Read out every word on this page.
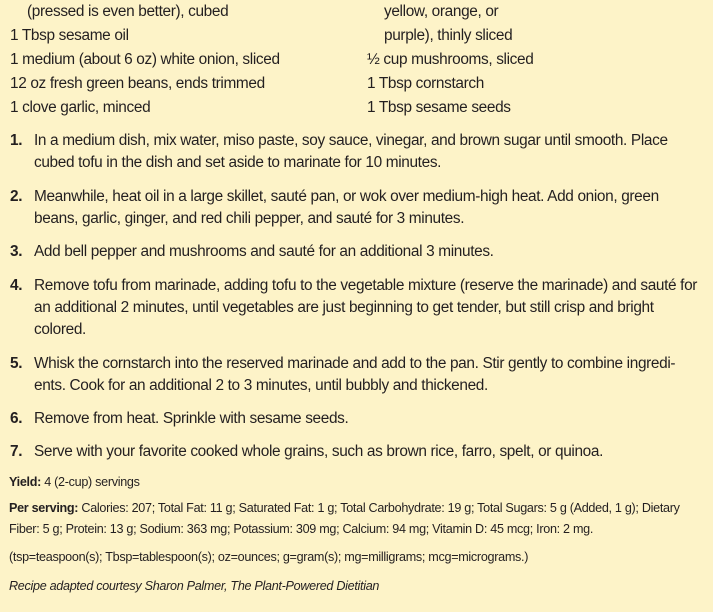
(pressed is even better), cubed
1 Tbsp sesame oil
1 medium (about 6 oz) white onion, sliced
12 oz fresh green beans, ends trimmed
1 clove garlic, minced
yellow, orange, or
purple), thinly sliced
½ cup mushrooms, sliced
1 Tbsp cornstarch
1 Tbsp sesame seeds
1. In a medium dish, mix water, miso paste, soy sauce, vinegar, and brown sugar until smooth. Place cubed tofu in the dish and set aside to marinate for 10 minutes.
2. Meanwhile, heat oil in a large skillet, sauté pan, or wok over medium-high heat. Add onion, green beans, garlic, ginger, and red chili pepper, and sauté for 3 minutes.
3. Add bell pepper and mushrooms and sauté for an additional 3 minutes.
4. Remove tofu from marinade, adding tofu to the vegetable mixture (reserve the marinade) and sauté for an additional 2 minutes, until vegetables are just beginning to get tender, but still crisp and bright colored.
5. Whisk the cornstarch into the reserved marinade and add to the pan. Stir gently to combine ingredi-ents. Cook for an additional 2 to 3 minutes, until bubbly and thickened.
6. Remove from heat. Sprinkle with sesame seeds.
7. Serve with your favorite cooked whole grains, such as brown rice, farro, spelt, or quinoa.
Yield: 4 (2-cup) servings
Per serving: Calories: 207; Total Fat: 11 g; Saturated Fat: 1 g; Total Carbohydrate: 19 g; Total Sugars: 5 g (Added, 1 g); Dietary Fiber: 5 g; Protein: 13 g; Sodium: 363 mg; Potassium: 309 mg; Calcium: 94 mg; Vitamin D: 45 mcg; Iron: 2 mg.
(tsp=teaspoon(s); Tbsp=tablespoon(s); oz=ounces; g=gram(s); mg=milligrams; mcg=micrograms.)
Recipe adapted courtesy Sharon Palmer, The Plant-Powered Dietitian
